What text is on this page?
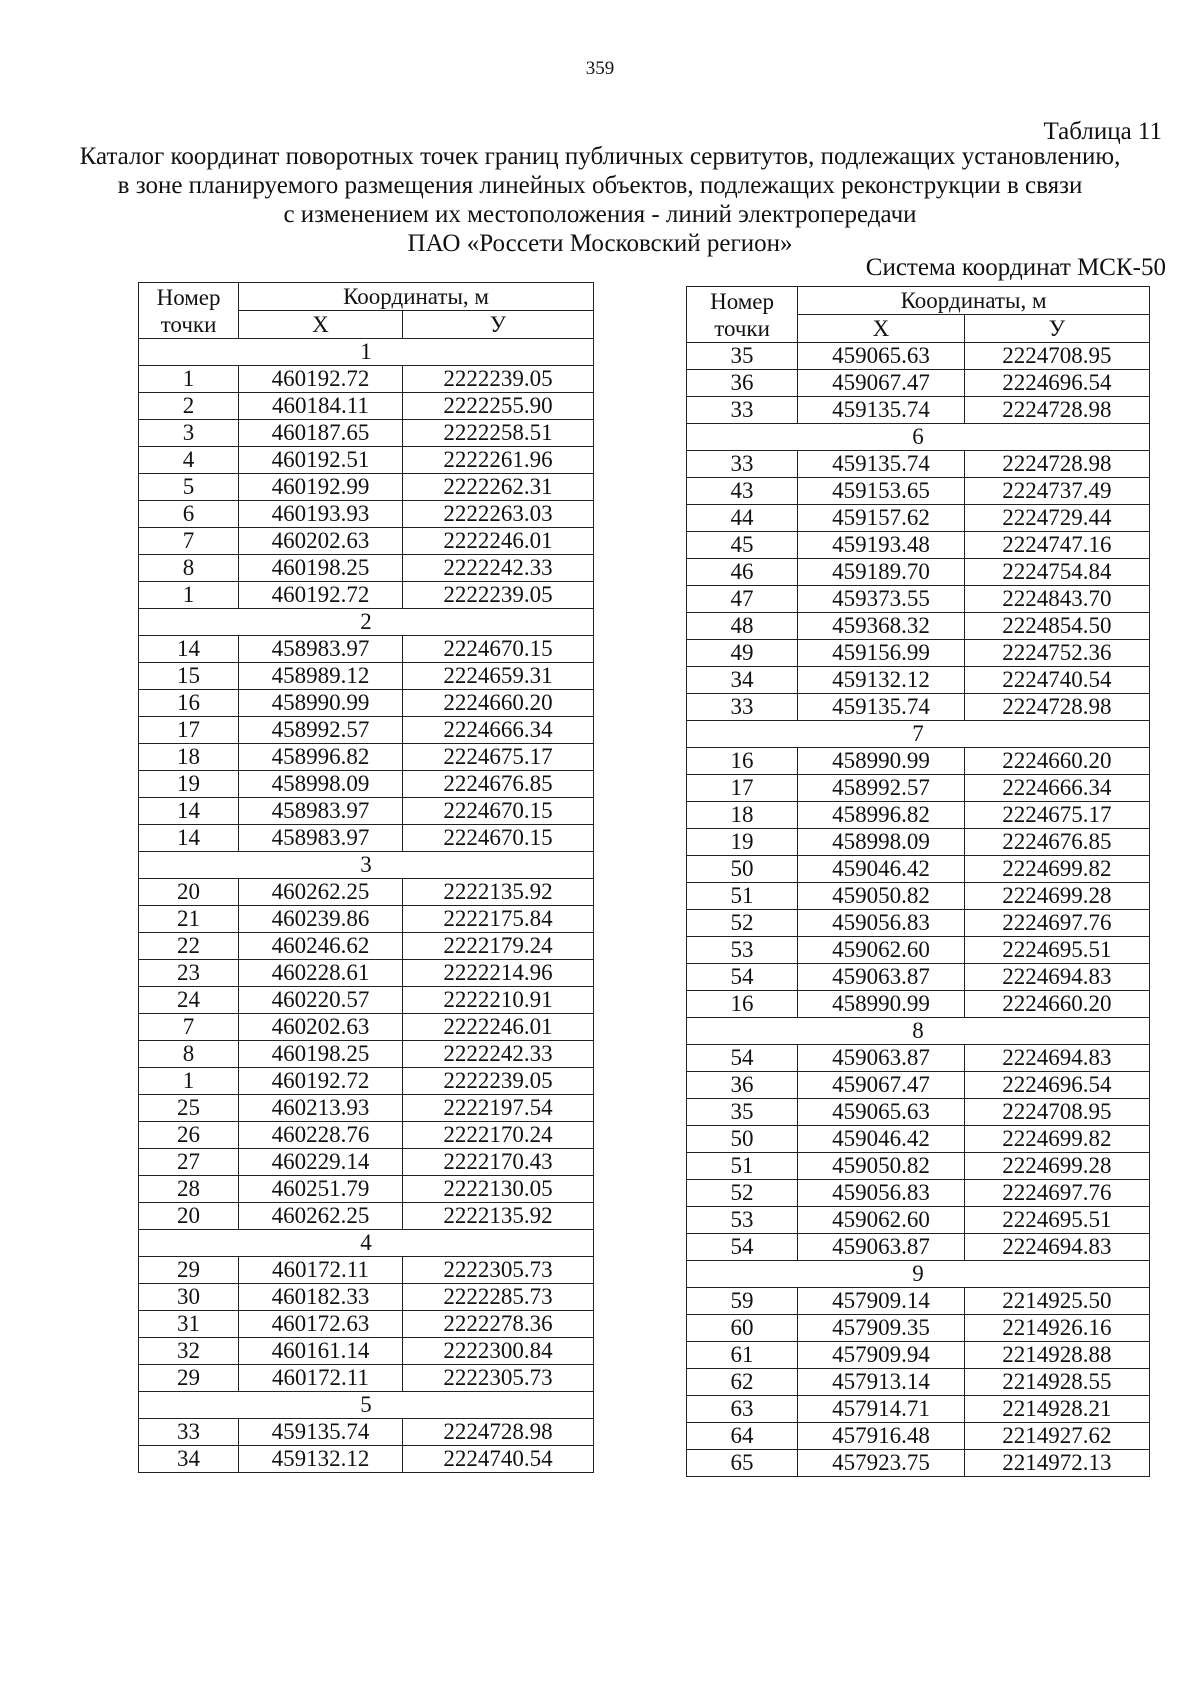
359
Таблица 11
Каталог координат поворотных точек границ публичных сервитутов, подлежащих установлению,
в зоне планируемого размещения линейных объектов, подлежащих реконструкции в связи
с изменением их местоположения - линий электропередачи
ПАО «Россети Московский регион»
Система координат МСК-50
Номер
точки	Координаты, м	
	X	У
1		
1	460192.72	2222239.05
2	460184.11	2222255.90
3	460187.65	2222258.51
4	460192.51	2222261.96
5	460192.99	2222262.31
6	460193.93	2222263.03
7	460202.63	2222246.01
8	460198.25	2222242.33
1	460192.72	2222239.05
2		
14	458983.97	2224670.15
15	458989.12	2224659.31
16	458990.99	2224660.20
17	458992.57	2224666.34
18	458996.82	2224675.17
19	458998.09	2224676.85
14	458983.97	2224670.15
14	458983.97	2224670.15
3		
20	460262.25	2222135.92
21	460239.86	2222175.84
22	460246.62	2222179.24
23	460228.61	2222214.96
24	460220.57	2222210.91
7	460202.63	2222246.01
8	460198.25	2222242.33
1	460192.72	2222239.05
25	460213.93	2222197.54
26	460228.76	2222170.24
27	460229.14	2222170.43
28	460251.79	2222130.05
20	460262.25	2222135.92
4		
29	460172.11	2222305.73
30	460182.33	2222285.73
31	460172.63	2222278.36
32	460161.14	2222300.84
29	460172.11	2222305.73
5		
33	459135.74	2224728.98
34	459132.12	2224740.54
Номер
точки	Координаты, м	
	X	У
35	459065.63	2224708.95
36	459067.47	2224696.54
33	459135.74	2224728.98
6		
33	459135.74	2224728.98
43	459153.65	2224737.49
44	459157.62	2224729.44
45	459193.48	2224747.16
46	459189.70	2224754.84
47	459373.55	2224843.70
48	459368.32	2224854.50
49	459156.99	2224752.36
34	459132.12	2224740.54
33	459135.74	2224728.98
7		
16	458990.99	2224660.20
17	458992.57	2224666.34
18	458996.82	2224675.17
19	458998.09	2224676.85
50	459046.42	2224699.82
51	459050.82	2224699.28
52	459056.83	2224697.76
53	459062.60	2224695.51
54	459063.87	2224694.83
16	458990.99	2224660.20
8		
54	459063.87	2224694.83
36	459067.47	2224696.54
35	459065.63	2224708.95
50	459046.42	2224699.82
51	459050.82	2224699.28
52	459056.83	2224697.76
53	459062.60	2224695.51
54	459063.87	2224694.83
9		
59	457909.14	2214925.50
60	457909.35	2214926.16
61	457909.94	2214928.88
62	457913.14	2214928.55
63	457914.71	2214928.21
64	457916.48	2214927.62
65	457923.75	2214972.13
